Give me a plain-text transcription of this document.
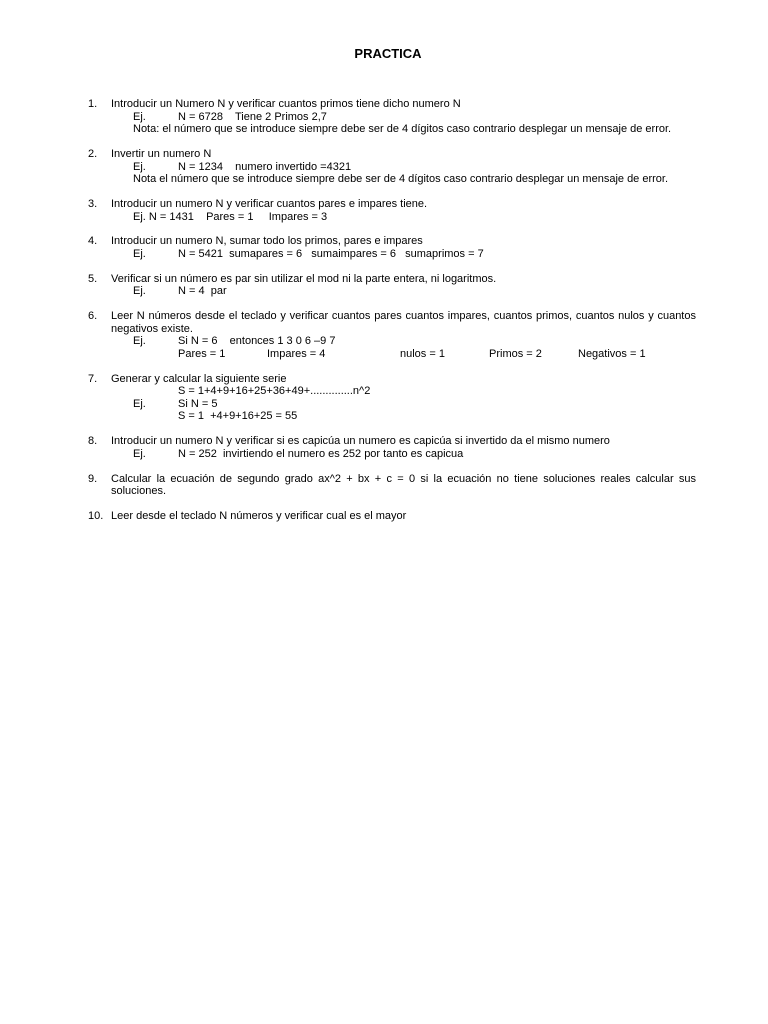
PRACTICA
1.	Introducir un Numero N y verificar cuantos primos tiene dicho numero N
Ej.	N = 6728    Tiene 2 Primos 2,7
Nota: el número que se introduce siempre debe ser de 4 dígitos caso contrario desplegar un mensaje de error.
2.	Invertir un numero N
Ej.	N = 1234    numero invertido =4321
Nota el número que se introduce siempre debe ser de 4 dígitos caso contrario desplegar un mensaje de error.
3.	Introducir un numero N y verificar cuantos pares e impares tiene.
Ej. N = 1431    Pares = 1     Impares = 3
4.	Introducir un numero N, sumar todo los primos, pares e impares
Ej.	N = 5421  sumapares = 6   sumaimpares = 6   sumaprimos = 7
5.	Verificar si un número es par sin utilizar el mod ni la parte entera, ni logaritmos.
Ej.	N = 4  par
6.	Leer N números desde el teclado y verificar cuantos pares cuantos impares, cuantos primos, cuantos nulos y cuantos negativos existe.
Ej.	Si N = 6    entonces 1 3 0 6 –9 7
Pares = 1	Impares = 4	nulos = 1	Primos = 2	Negativos = 1
7.	Generar y calcular la siguiente serie
S = 1+4+9+16+25+36+49+..............n^2
Ej.	Si N = 5
S = 1  +4+9+16+25 = 55
8.	Introducir un numero N y verificar si es capicúa un numero es capicúa si invertido da el mismo numero
Ej.	N = 252  invirtiendo el numero es 252 por tanto es capicua
9.	Calcular la ecuación de segundo grado ax^2 + bx + c = 0 si la ecuación no tiene soluciones reales calcular sus soluciones.
10. Leer desde el teclado N números y verificar cual es el mayor
